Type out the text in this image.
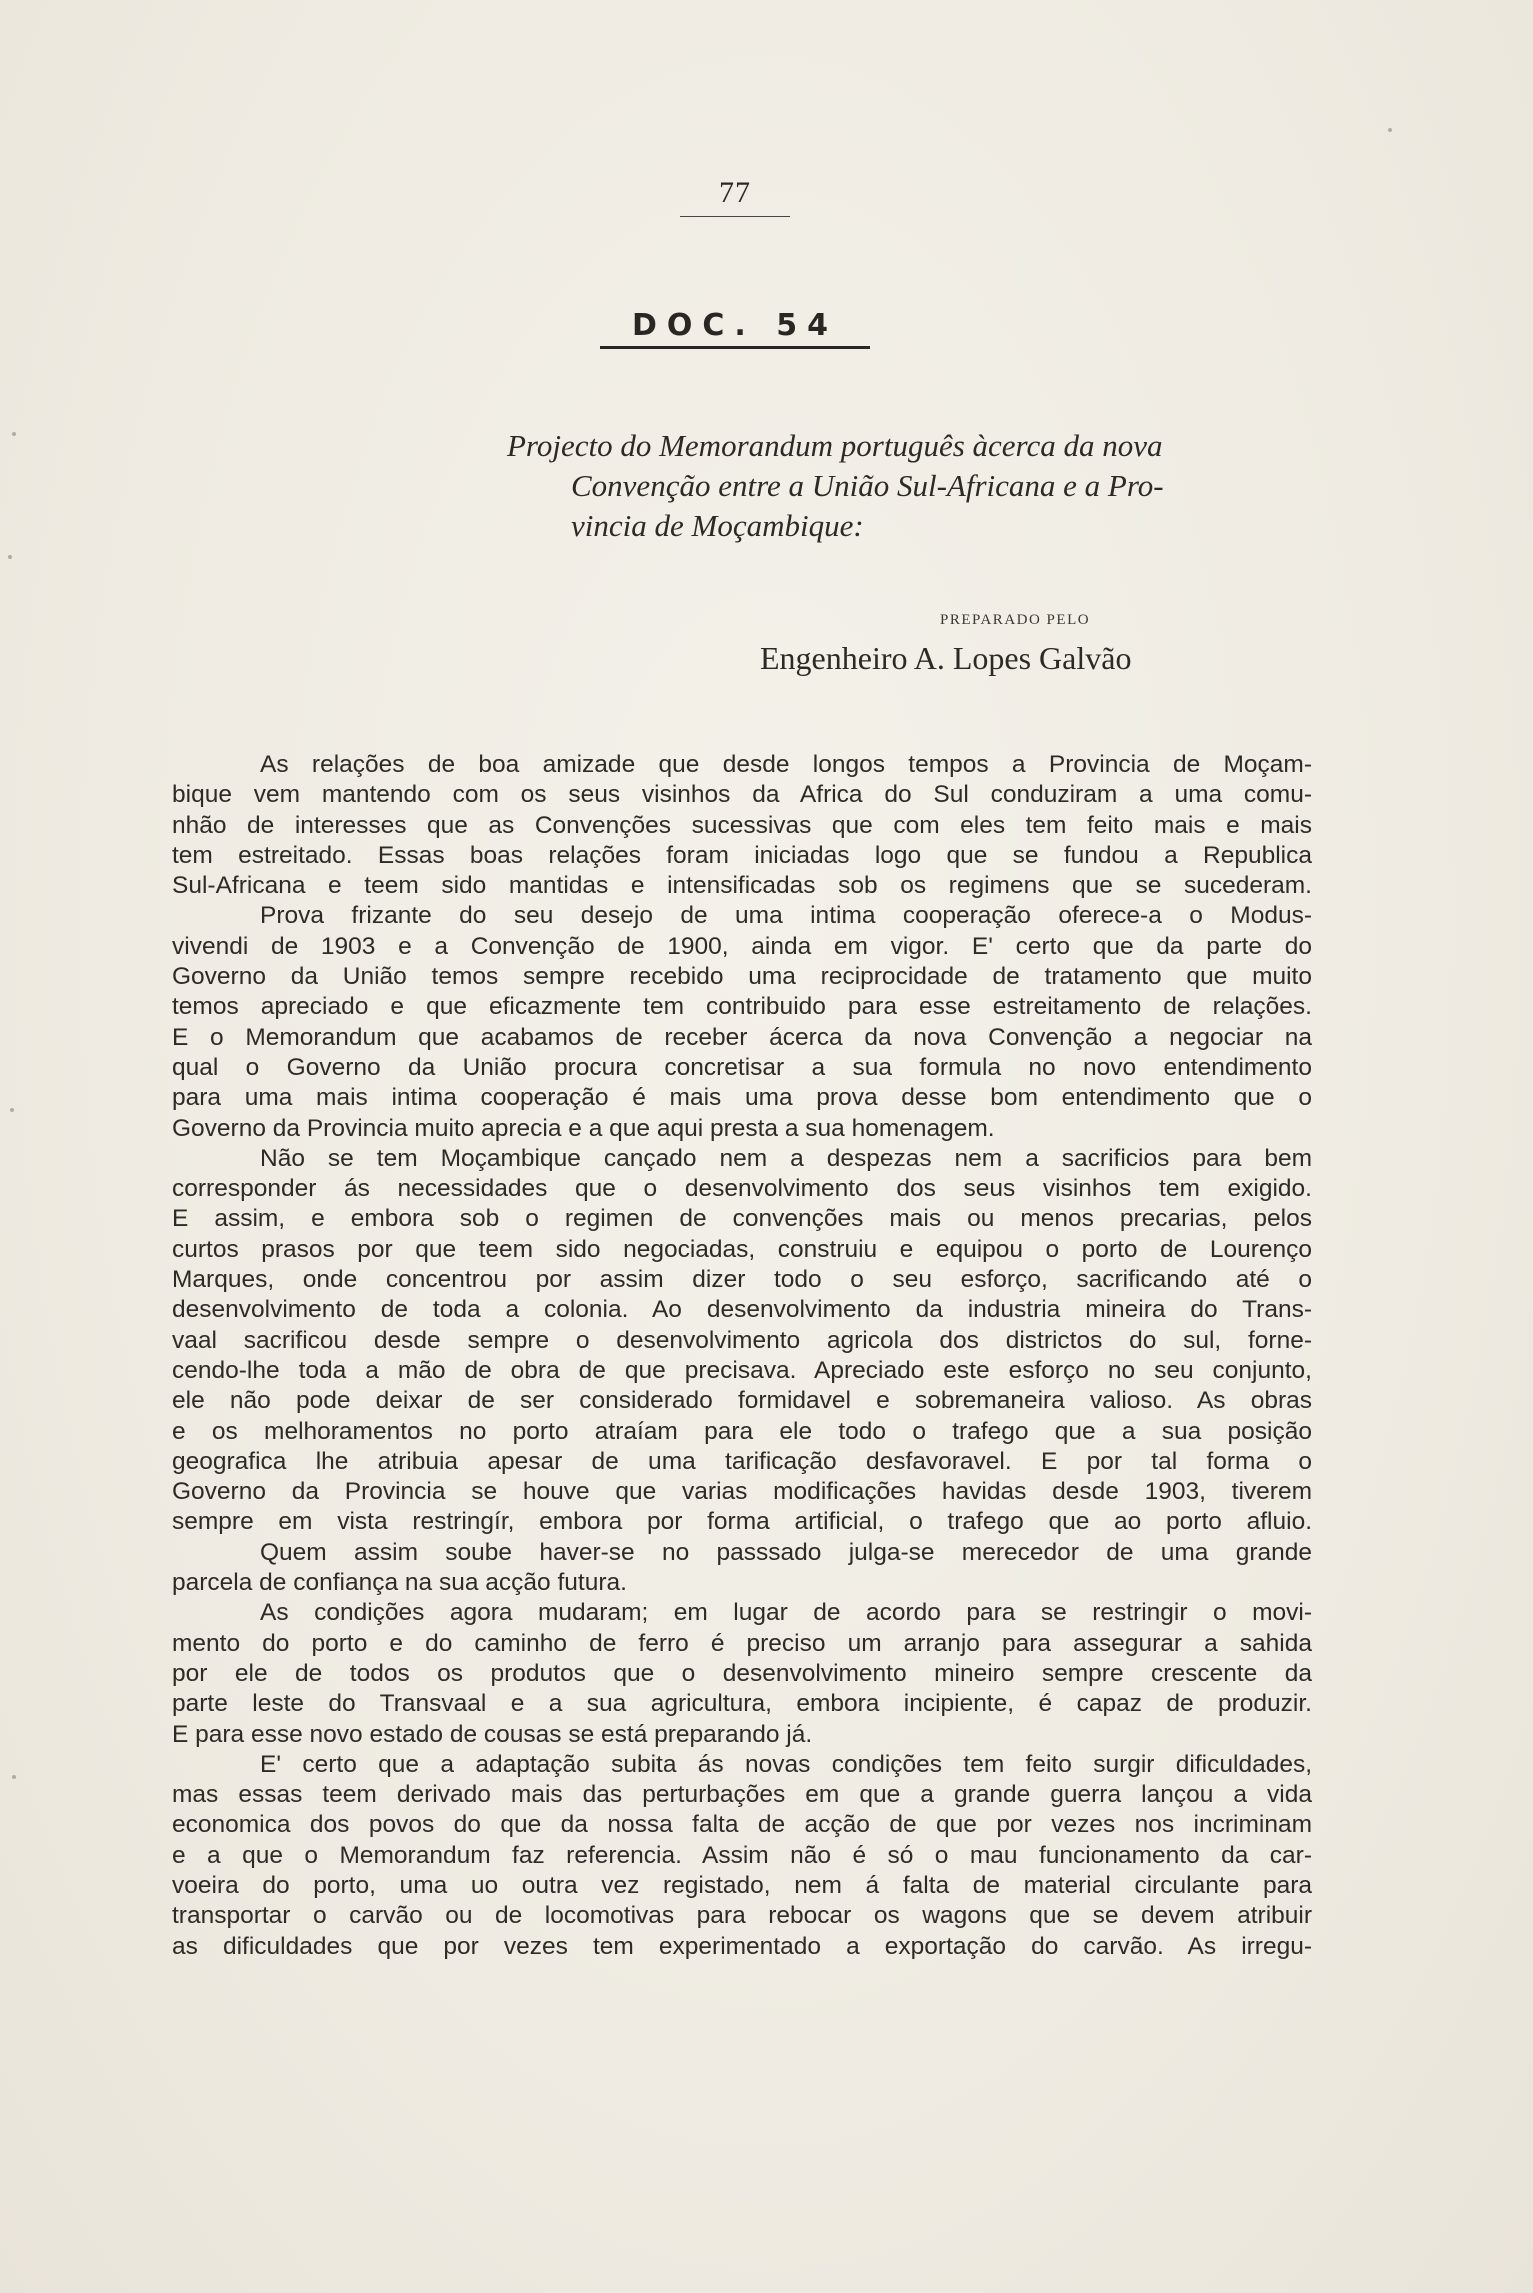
77
DOC. 54
Projecto do Memorandum português àcerca da nova
Convenção entre a União Sul-Africana e a Pro-
vincia de Moçambique:
PREPARADO PELO
Engenheiro A. Lopes Galvão
As relações de boa amizade que desde longos tempos a Provincia de Moçam-
bique vem mantendo com os seus visinhos da Africa do Sul conduziram a uma comu-
nhão de interesses que as Convenções sucessivas que com eles tem feito mais e mais
tem estreitado. Essas boas relações foram iniciadas logo que se fundou a Republica
Sul-Africana e teem sido mantidas e intensificadas sob os regimens que se sucederam.
Prova frizante do seu desejo de uma intima cooperação oferece-a o Modus-
vivendi de 1903 e a Convenção de 1900, ainda em vigor. E' certo que da parte do
Governo da União temos sempre recebido uma reciprocidade de tratamento que muito
temos apreciado e que eficazmente tem contribuido para esse estreitamento de relações.
E o Memorandum que acabamos de receber ácerca da nova Convenção a negociar na
qual o Governo da União procura concretisar a sua formula no novo entendimento
para uma mais intima cooperação é mais uma prova desse bom entendimento que o
Governo da Provincia muito aprecia e a que aqui presta a sua homenagem.
Não se tem Moçambique cançado nem a despezas nem a sacrificios para bem
corresponder ás necessidades que o desenvolvimento dos seus visinhos tem exigido.
E assim, e embora sob o regimen de convenções mais ou menos precarias, pelos
curtos prasos por que teem sido negociadas, construiu e equipou o porto de Lourenço
Marques, onde concentrou por assim dizer todo o seu esforço, sacrificando até o
desenvolvimento de toda a colonia. Ao desenvolvimento da industria mineira do Trans-
vaal sacrificou desde sempre o desenvolvimento agricola dos districtos do sul, forne-
cendo-lhe toda a mão de obra de que precisava. Apreciado este esforço no seu conjunto,
ele não pode deixar de ser considerado formidavel e sobremaneira valioso. As obras
e os melhoramentos no porto atraíam para ele todo o trafego que a sua posição
geografica lhe atribuia apesar de uma tarificação desfavoravel. E por tal forma o
Governo da Provincia se houve que varias modificações havidas desde 1903, tiverem
sempre em vista restringír, embora por forma artificial, o trafego que ao porto afluio.
Quem assim soube haver-se no passsado julga-se merecedor de uma grande
parcela de confiança na sua acção futura.
As condições agora mudaram; em lugar de acordo para se restringir o movi-
mento do porto e do caminho de ferro é preciso um arranjo para assegurar a sahida
por ele de todos os produtos que o desenvolvimento mineiro sempre crescente da
parte leste do Transvaal e a sua agricultura, embora incipiente, é capaz de produzir.
E para esse novo estado de cousas se está preparando já.
E' certo que a adaptação subita ás novas condições tem feito surgir dificuldades,
mas essas teem derivado mais das perturbações em que a grande guerra lançou a vida
economica dos povos do que da nossa falta de acção de que por vezes nos incriminam
e a que o Memorandum faz referencia. Assim não é só o mau funcionamento da car-
voeira do porto, uma uo outra vez registado, nem á falta de material circulante para
transportar o carvão ou de locomotivas para rebocar os wagons que se devem atribuir
as dificuldades que por vezes tem experimentado a exportação do carvão. As irregu-
